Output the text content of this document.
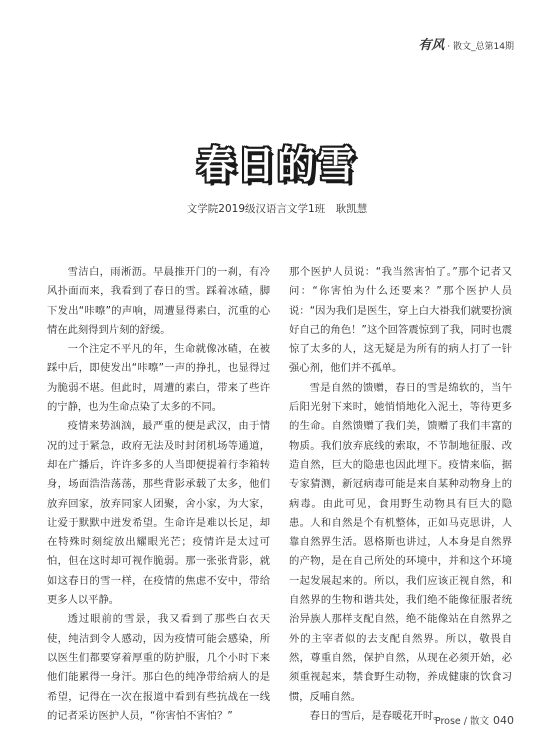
有风 · 散文_总第14期
春日的雪
文学院2019级汉语言文学1班　耿凯慧

雪洁白，雨淅沥。早晨推开门的一刹，有冷风扑面而来，我看到了春日的雪。踩着冰碴，脚下发出“咔嚓”的声响，周遭显得素白，沉重的心情在此刻得到片刻的舒缓。

一个注定不平凡的年，生命就像冰碴，在被踩中后，即使发出“咔嚓”一声的挣扎，也显得过为脆弱不堪。但此时，周遭的素白，带来了些许的宁静，也为生命点染了太多的不同。

疫情来势汹汹，最严重的便是武汉，由于情况的过于紧急，政府无法及时封闭机场等通道，却在广播后，许许多多的人当即便提着行李箱转身，场面浩浩荡荡，那些背影承载了太多，他们放弃回家，放弃同家人团聚，舍小家，为大家，让爱于默默中迸发希望。生命许是难以长足，却在特殊时刻绽放出耀眼光芒；疫情许是太过可怕，但在这时却可视作脆弱。那一张张背影，就如这春日的雪一样，在疫情的焦虑不安中，带给更多人以平静。

透过眼前的雪景，我又看到了那些白衣天使，纯洁到令人感动，因为疫情可能会感染，所以医生们都要穿着厚重的防护服，几个小时下来他们能累得一身汗。那白色的纯净带给病人的是希望，记得在一次在报道中看到有些抗战在一线的记者采访医护人员，“你害怕不害怕？”

那个医护人员说：“我当然害怕了。”那个记者又问：“你害怕为什么还要来？”那个医护人员说：“因为我们是医生，穿上白大褂我们就要扮演好自己的角色！”这个回答震惊到了我，同时也震惊了太多的人，这无疑是为所有的病人打了一针强心剂，他们并不孤单。

雪是自然的馈赠，春日的雪是绵软的，当午后阳光射下来时，她悄悄地化入泥土，等待更多的生命。自然馈赠了我们美，馈赠了我们丰富的物质。我们放弃底线的索取，不节制地征服、改造自然，巨大的隐患也因此埋下。疫情来临，据专家猜测，新冠病毒可能是来自某种动物身上的病毒。由此可见，食用野生动物具有巨大的隐患。人和自然是个有机整体，正如马克思讲，人靠自然界生活。恩格斯也讲过，人本身是自然界的产物，是在自己所处的环境中，并和这个环境一起发展起来的。所以，我们应该正视自然，和自然界的生物和谐共处，我们绝不能像征服者统治异族人那样支配自然，绝不能像站在自然界之外的主宰者似的去支配自然界。所以，敬畏自然，尊重自然，保护自然，从现在必须开始，必须重视起来，禁食野生动物，养成健康的饮食习惯，反哺自然。

春日的雪后，是春暖花开时。

Prose / 散文 040
